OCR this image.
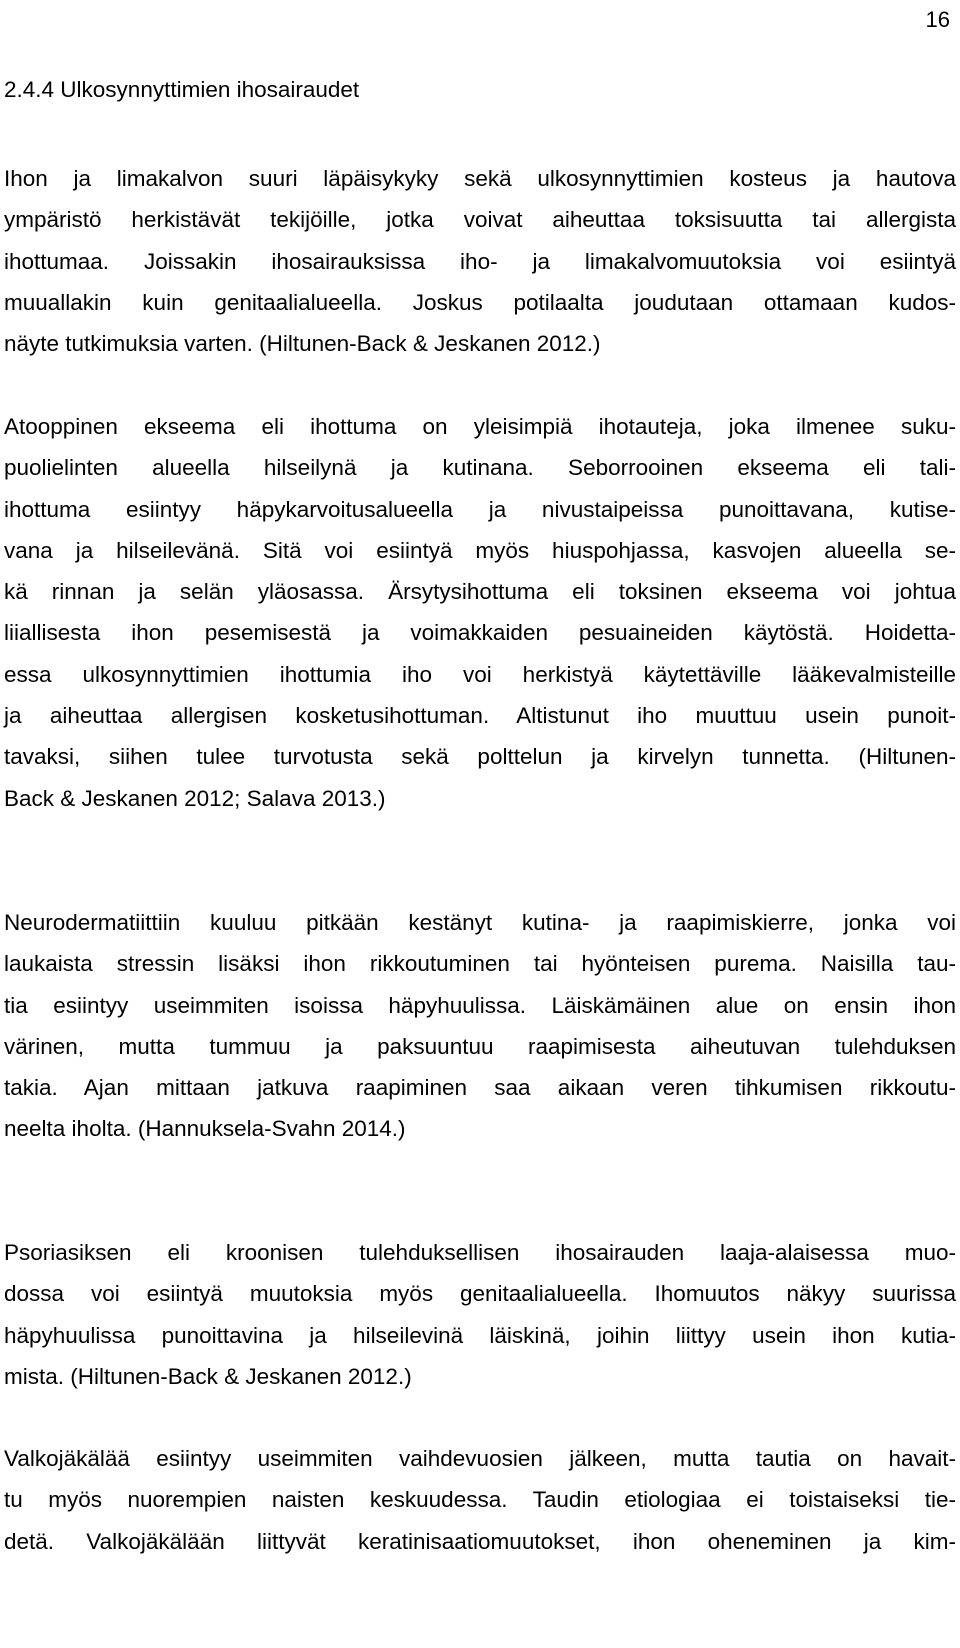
16
2.4.4 Ulkosynnyttimien ihosairaudet
Ihon ja limakalvon suuri läpäisykyky sekä ulkosynnyttimien kosteus ja hautova
ympäristö herkistävät tekijöille, jotka voivat aiheuttaa toksisuutta tai allergista
ihottumaa. Joissakin ihosairauksissa iho- ja limakalvomuutoksia voi esiintyä
muuallakin kuin genitaalialueella. Joskus potilaalta joudutaan ottamaan kudos-
näyte tutkimuksia varten. (Hiltunen-Back & Jeskanen 2012.)
Atooppinen ekseema eli ihottuma on yleisimpiä ihotauteja, joka ilmenee suku-
puolielinten alueella hilseilynä ja kutinana. Seborrooinen ekseema eli tali-
ihottuma esiintyy häpykarvoitusalueella ja nivustaipeissa punoittavana, kutise-
vana ja hilseilevänä. Sitä voi esiintyä myös hiuspohjassa, kasvojen alueella se-
kä rinnan ja selän yläosassa. Ärsytysihottuma eli toksinen ekseema voi johtua
liiallisesta ihon pesemisestä ja voimakkaiden pesuaineiden käytöstä. Hoidetta-
essa ulkosynnyttimien ihottumia iho voi herkistyä käytettäville lääkevalmisteille
ja aiheuttaa allergisen kosketusihottuman. Altistunut iho muuttuu usein punoit-
tavaksi, siihen tulee turvotusta sekä polttelun ja kirvelyn tunnetta. (Hiltunen-
Back & Jeskanen 2012; Salava 2013.)
Neurodermatiittiin kuuluu pitkään kestänyt kutina- ja raapimiskierre, jonka voi
laukaista stressin lisäksi ihon rikkoutuminen tai hyönteisen purema. Naisilla tau-
tia esiintyy useimmiten isoissa häpyhuulissa. Läiskämäinen alue on ensin ihon
värinen, mutta tummuu ja paksuuntuu raapimisesta aiheutuvan tulehduksen
takia. Ajan mittaan jatkuva raapiminen saa aikaan veren tihkumisen rikkoutu-
neelta iholta. (Hannuksela-Svahn 2014.)
Psoriasiksen eli kroonisen tulehduksellisen ihosairauden laaja-alaisessa muo-
dossa voi esiintyä muutoksia myös genitaalialueella. Ihomuutos näkyy suurissa
häpyhuulissa punoittavina ja hilseilevinä läiskinä, joihin liittyy usein ihon kutia-
mista. (Hiltunen-Back & Jeskanen 2012.)
Valkojäkälää esiintyy useimmiten vaihdevuosien jälkeen, mutta tautia on havait-
tu myös nuorempien naisten keskuudessa. Taudin etiologiaa ei toistaiseksi tie-
detä. Valkojäkälään liittyvät keratinisaatiomuutokset, ihon oheneminen ja kim-
